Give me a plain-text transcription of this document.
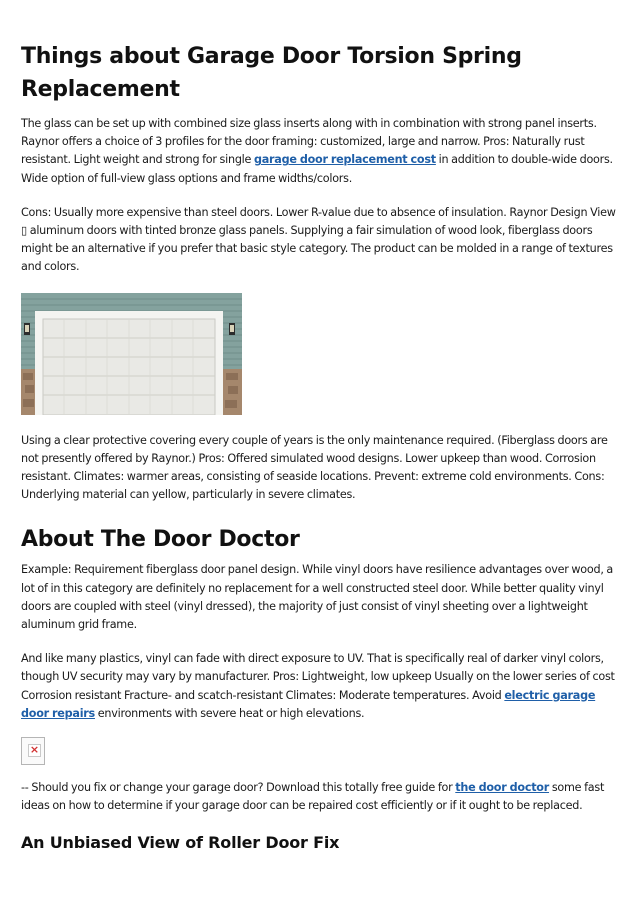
Things about Garage Door Torsion Spring Replacement

The glass can be set up with combined size glass inserts along with in combination with strong panel inserts. Raynor offers a choice of 3 profiles for the door framing: customized, large and narrow. Pros: Naturally rust resistant. Light weight and strong for single garage door replacement cost in addition to double-wide doors. Wide option of full-view glass options and frame widths/colors.

Cons: Usually more expensive than steel doors. Lower R-value due to absence of insulation. Raynor Design View ▯ aluminum doors with tinted bronze glass panels. Supplying a fair simulation of wood look, fiberglass doors might be an alternative if you prefer that basic style category. The product can be molded in a range of textures and colors.

Using a clear protective covering every couple of years is the only maintenance required. (Fiberglass doors are not presently offered by Raynor.) Pros: Offered simulated wood designs. Lower upkeep than wood. Corrosion resistant. Climates: warmer areas, consisting of seaside locations. Prevent: extreme cold environments. Cons: Underlying material can yellow, particularly in severe climates.

About The Door Doctor

Example: Requirement fiberglass door panel design. While vinyl doors have resilience advantages over wood, a lot of in this category are definitely no replacement for a well constructed steel door. While better quality vinyl doors are coupled with steel (vinyl dressed), the majority of just consist of vinyl sheeting over a lightweight aluminum grid frame.

And like many plastics, vinyl can fade with direct exposure to UV. That is specifically real of darker vinyl colors, though UV security may vary by manufacturer. Pros: Lightweight, low upkeep Usually on the lower series of cost Corrosion resistant Fracture- and scatch-resistant Climates: Moderate temperatures. Avoid electric garage door repairs environments with severe heat or high elevations.

×

-- Should you fix or change your garage door? Download this totally free guide for the door doctor some fast ideas on how to determine if your garage door can be repaired cost efficiently or if it ought to be replaced.

An Unbiased View of Roller Door Fix
